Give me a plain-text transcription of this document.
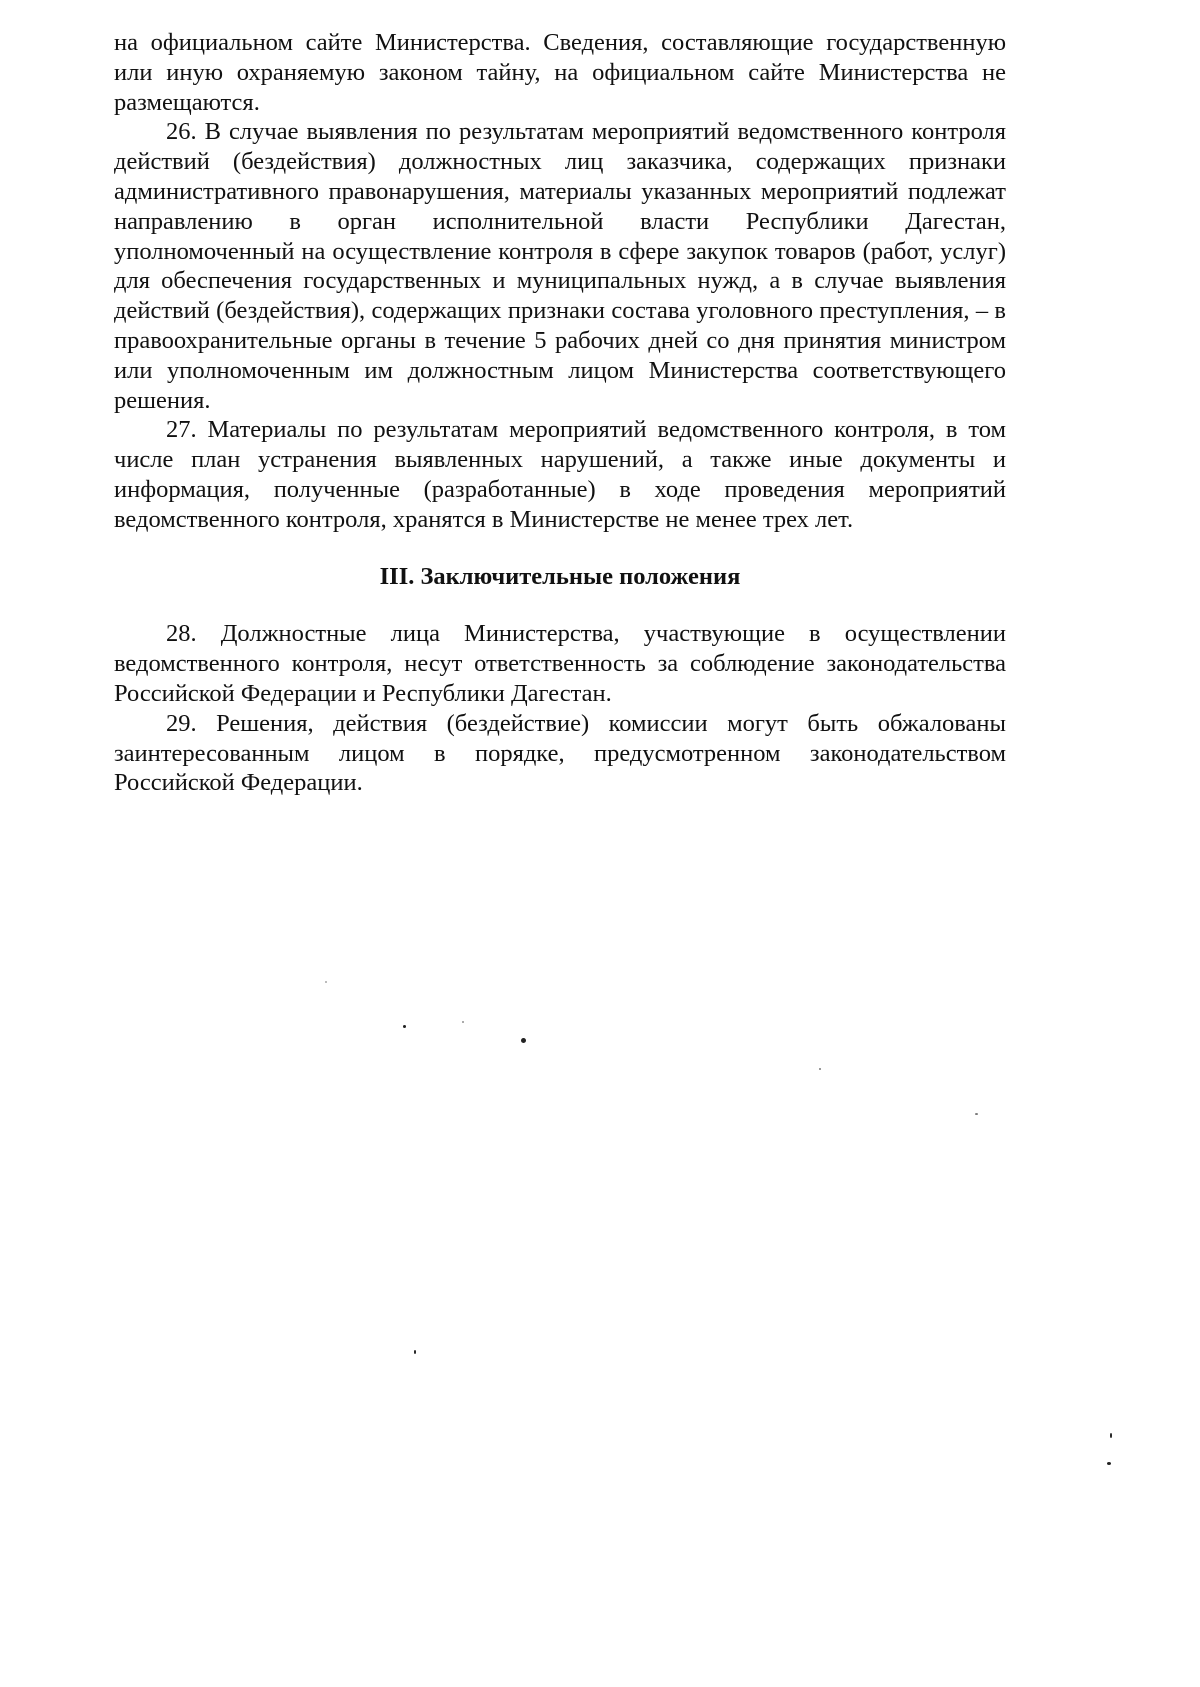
на официальном сайте Министерства. Сведения, составляющие государственную или иную охраняемую законом тайну, на официальном сайте Министерства не размещаются.

26. В случае выявления по результатам мероприятий ведомственного контроля действий (бездействия) должностных лиц заказчика, содержащих признаки административного правонарушения, материалы указанных мероприятий подлежат направлению в орган исполнительной власти Республики Дагестан, уполномоченный на осуществление контроля в сфере закупок товаров (работ, услуг) для обеспечения государственных и муниципальных нужд, а в случае выявления действий (бездействия), содержащих признаки состава уголовного преступления, – в правоохранительные органы в течение 5 рабочих дней со дня принятия министром или уполномоченным им должностным лицом Министерства соответствующего решения.

27. Материалы по результатам мероприятий ведомственного контроля, в том числе план устранения выявленных нарушений, а также иные документы и информация, полученные (разработанные) в ходе проведения мероприятий ведомственного контроля, хранятся в Министерстве не менее трех лет.

III. Заключительные положения

28. Должностные лица Министерства, участвующие в осуществлении ведомственного контроля, несут ответственность за соблюдение законодательства Российской Федерации и Республики Дагестан.

29. Решения, действия (бездействие) комиссии могут быть обжалованы заинтересованным лицом в порядке, предусмотренном законодательством Российской Федерации.
